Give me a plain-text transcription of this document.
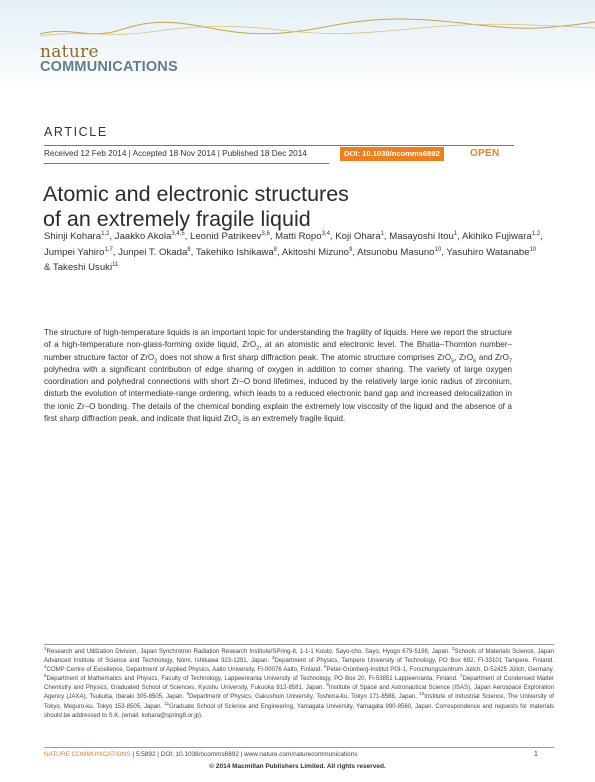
nature
COMMUNICATIONS
ARTICLE
Received 12 Feb 2014 | Accepted 18 Nov 2014 | Published 18 Dec 2014	DOI: 10.1038/ncomms6892	OPEN
Atomic and electronic structures
of an extremely fragile liquid
Shinji Kohara$^{1,2}$, Jaakko Akola$^{3,4,5}$, Leonid Patrikeev$^{3,6}$, Matti Ropo$^{3,4}$, Koji Ohara$^1$, Masayoshi Itou$^1$, Akihiko Fujiwara$^{1,2}$, Jumpei Yahiro$^{1,7}$, Junpei T. Okada$^8$, Takehiko Ishikawa$^8$, Akitoshi Mizuno$^9$, Atsunobu Masuno$^{10}$, Yasuhiro Watanabe$^{10}$ & Takeshi Usuki$^{11}$
The structure of high-temperature liquids is an important topic for understanding the fragility of liquids. Here we report the structure of a high-temperature non-glass-forming oxide liquid, ZrO$_2$, at an atomistic and electronic level. The Bhatia–Thornton number–number structure factor of ZrO$_2$ does not show a first sharp diffraction peak. The atomic structure comprises ZrO$_5$, ZrO$_6$ and ZrO$_7$ polyhedra with a significant contribution of edge sharing of oxygen in addition to corner sharing. The variety of large oxygen coordination and polyhedral connections with short Zr–O bond lifetimes, induced by the relatively large ionic radius of zirconium, disturb the evolution of intermediate-range ordering, which leads to a reduced electronic band gap and increased delocalization in the ionic Zr–O bonding. The details of the chemical bonding explain the extremely low viscosity of the liquid and the absence of a first sharp diffraction peak, and indicate that liquid ZrO$_2$ is an extremely fragile liquid.
$^1$Research and Utilization Division, Japan Synchrotron Radiation Research Institute/SPring-8, 1-1-1 Kouto, Sayo-cho, Sayo, Hyogo 679-5198, Japan. $^2$Schools of Materials Science, Japan Advanced Institute of Science and Technology, Nomi, Ishikawa 923-1291, Japan. $^3$Department of Physics, Tampere University of Technology, PO Box 692, FI-33101 Tampere, Finland. $^4$COMP Centre of Excellence, Department of Applied Physics, Aalto University, FI-00076 Aalto, Finland. $^5$Peter-Grünberg-Institut PGI-1, Forschungszentrum Jülich, D-52425 Jülich, Germany. $^6$Department of Mathematics and Physics, Faculty of Technology, Lappeenranta University of Technology, PO Box 20, FI-53851 Lappeenranta, Finland. $^7$Department of Condensed Matter Chemistry and Physics, Graduated School of Sciences, Kyushu University, Fukuoka 812-8581, Japan. $^8$Institute of Space and Astronautical Science (ISAS), Japan Aerospace Exploration Agency (JAXA), Tsukuba, Ibaraki 305-8505, Japan. $^9$Department of Physics, Gakushuin University, Toshima-ku, Tokyo 171-8588, Japan. $^{10}$Institute of Industrial Science, The University of Tokyo, Meguro-ku, Tokyo 153-8505, Japan. $^{11}$Graduate School of Science and Engineering, Yamagata University, Yamagata 990-8560, Japan. Correspondence and requests for materials should be addressed to S.K. (email: kohara@spring8.or.jp).
NATURE COMMUNICATIONS | 5:5892 | DOI: 10.1038/ncomms6892 | www.nature.com/naturecommunications	1
© 2014 Macmillan Publishers Limited. All rights reserved.
